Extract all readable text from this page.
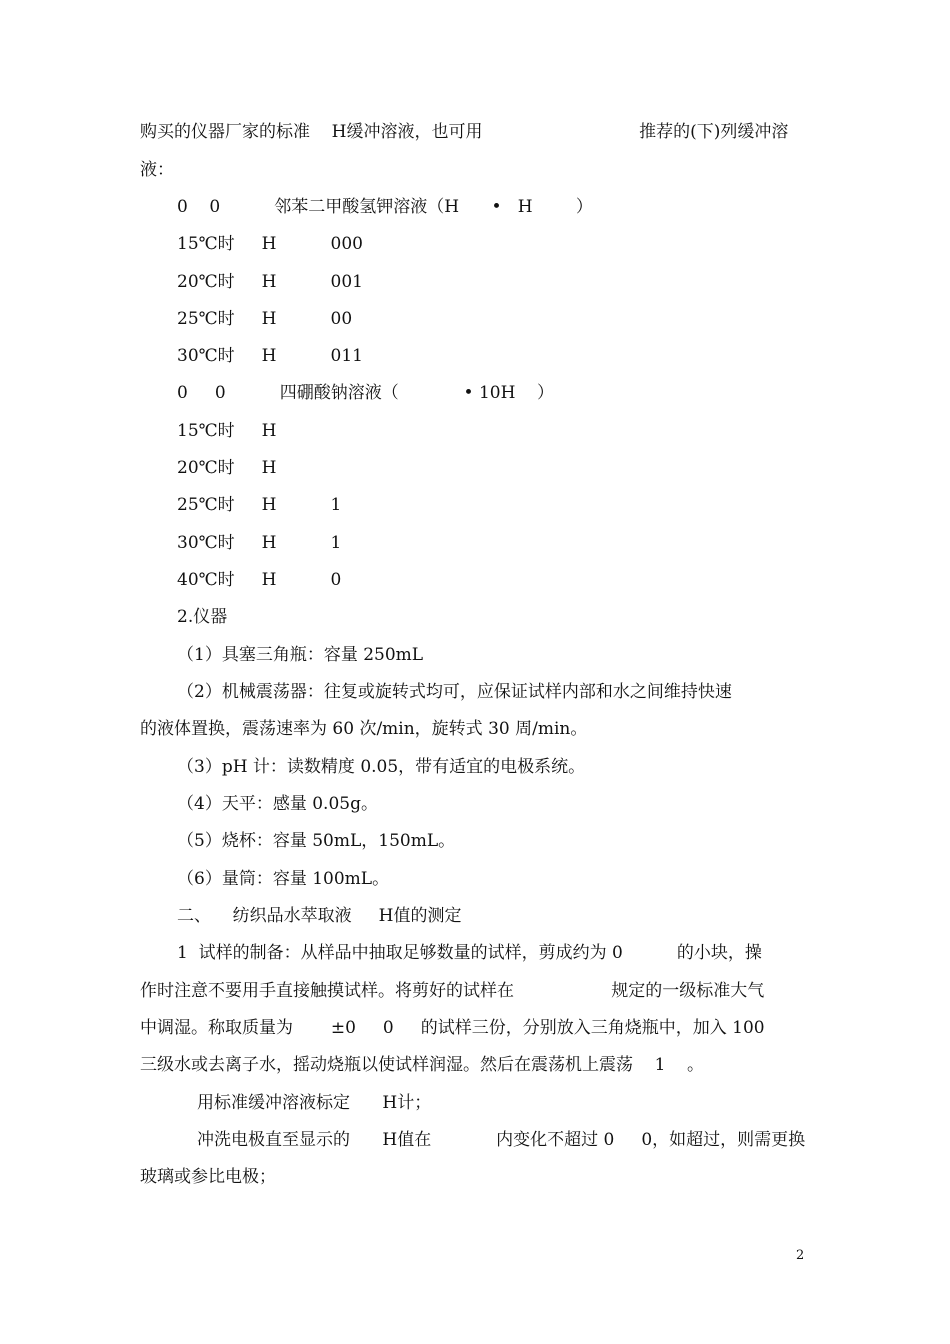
购买的仪器厂家的标准    H缓冲溶液，也可用                             推荐的(下)列缓冲溶
液：
0    0          邻苯二甲酸氢钾溶液（H      •   H        ）
15℃时     H          000
20℃时     H          001
25℃时     H          00
30℃时     H          011
0     0          四硼酸钠溶液（            • 10H    ）
15℃时     H
20℃时     H
25℃时     H          1
30℃时     H          1
40℃时     H          0
2.仪器
（1）具塞三角瓶：容量 250mL
（2）机械震荡器：往复或旋转式均可，应保证试样内部和水之间维持快速
的液体置换，震荡速率为 60 次/min，旋转式 30 周/min。
（3）pH 计：读数精度 0.05，带有适宜的电极系统。
（4）天平：感量 0.05g。
（5）烧杯：容量 50mL，150mL。
（6）量筒：容量 100mL。
二、    纺织品水萃取液     H值的测定
1  试样的制备：从样品中抽取足够数量的试样，剪成约为 0          的小块，操
作时注意不要用手直接触摸试样。将剪好的试样在                  规定的一级标准大气
中调湿。称取质量为       ±0     0     的试样三份，分别放入三角烧瓶中，加入 100
三级水或去离子水，摇动烧瓶以使试样润湿。然后在震荡机上震荡    1    。
用标准缓冲溶液标定      H计；
冲洗电极直至显示的      H值在            内变化不超过 0     0，如超过，则需更换
玻璃或参比电极；
2
